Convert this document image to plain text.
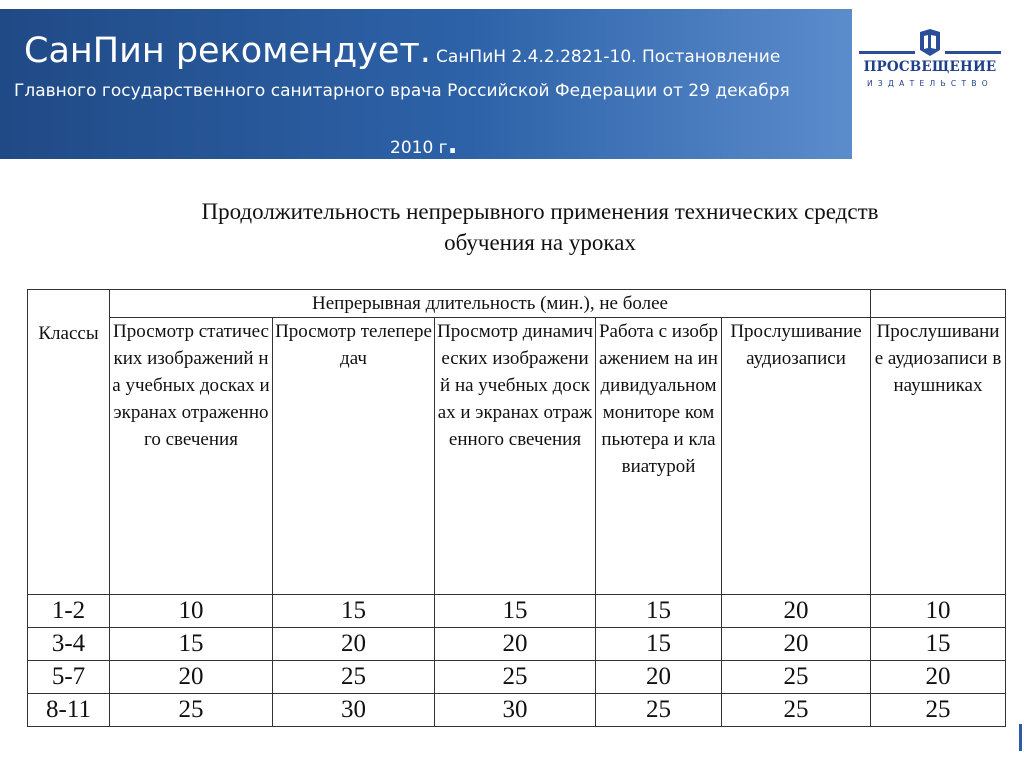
СанПин рекомендует. СанПиН 2.4.2.2821-10. Постановление
Главного государственного санитарного врача Российской Федерации от 29 декабря
2010 г.
ПРОСВЕЩЕНИЕ
ИЗДАТЕЛЬСТВО
Продолжительность непрерывного применения технических средств
обучения на уроках
Классы	Непрерывная длительность (мин.), не более					

	Просмотр статических изображений на учебных досках и экранах отраженного свечения	Просмотр телепередач	Просмотр динамических изображений на учебных досках и экранах отраженного свечения	Работа с изображением на индивидуальном мониторе компьютера и клавиатурой	Прослушивание аудиозаписи	Прослушивание аудиозаписи в наушниках

1-2	10	15	15	15	20	10
3-4	15	20	20	15	20	15
5-7	20	25	25	20	25	20
8-11	25	30	30	25	25	25
